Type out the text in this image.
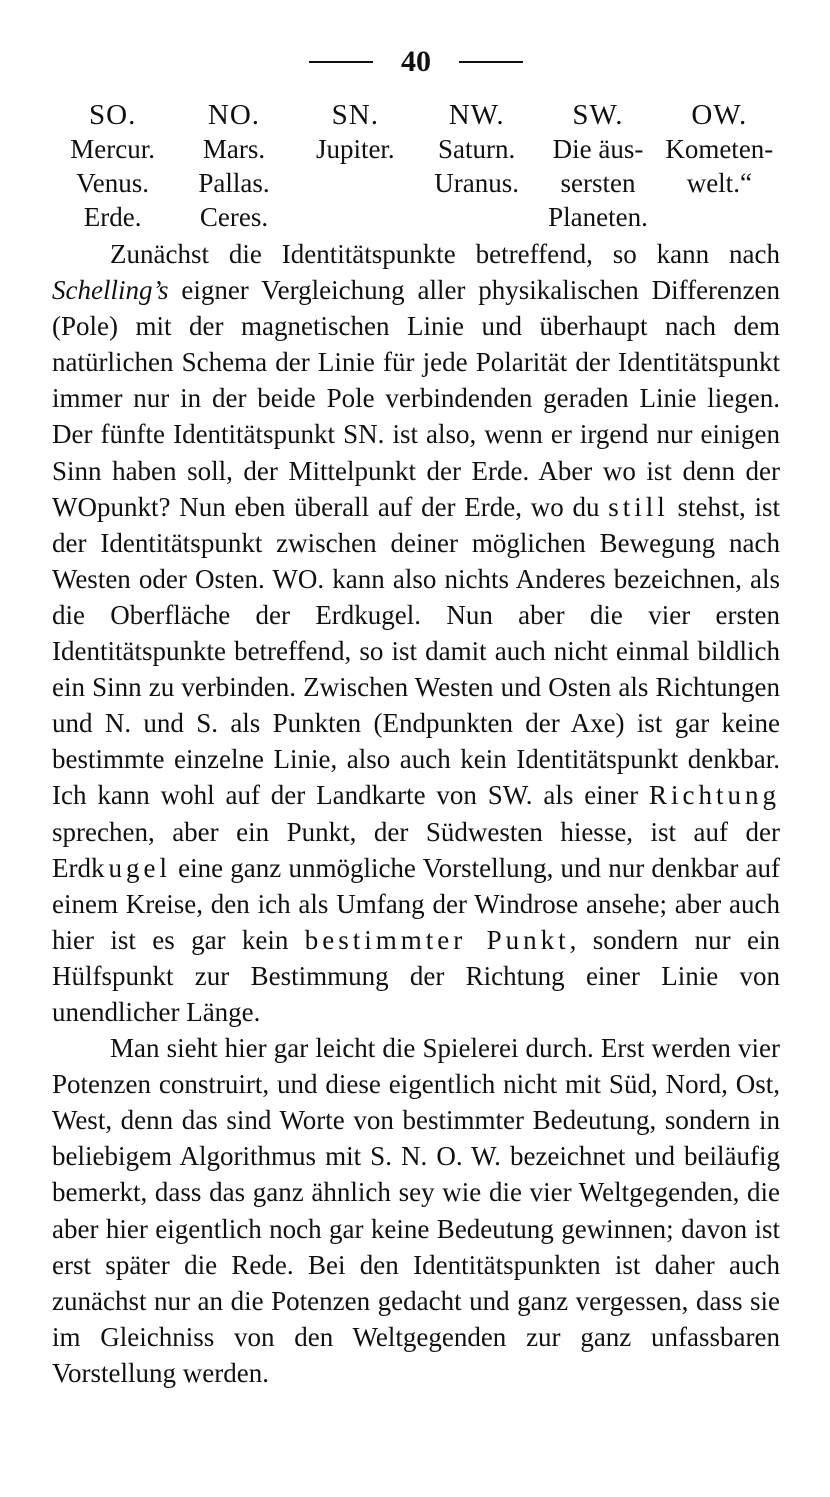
40
SO.	NO.	SN.	NW.	SW.	OW.
Mercur.	Mars.	Jupiter.	Saturn.	Die äus-	Kometen-
Venus.	Pallas.		Uranus.	sersten	welt.“
Erde.	Ceres.			Planeten.	

Zunächst die Identitätspunkte betreffend, so kann nach Schelling’s eigner Vergleichung aller physikalischen Differenzen (Pole) mit der magnetischen Linie und überhaupt nach dem natürlichen Schema der Linie für jede Polarität der Identitätspunkt immer nur in der beide Pole verbindenden geraden Linie liegen. Der fünfte Identitätspunkt SN. ist also, wenn er irgend nur einigen Sinn haben soll, der Mittelpunkt der Erde. Aber wo ist denn der WOpunkt? Nun eben überall auf der Erde, wo du still stehst, ist der Identitätspunkt zwischen deiner möglichen Bewegung nach Westen oder Osten. WO. kann also nichts Anderes bezeichnen, als die Oberfläche der Erdkugel. Nun aber die vier ersten Identitätspunkte betreffend, so ist damit auch nicht einmal bildlich ein Sinn zu verbinden. Zwischen Westen und Osten als Richtungen und N. und S. als Punkten (Endpunkten der Axe) ist gar keine bestimmte einzelne Linie, also auch kein Identitätspunkt denkbar. Ich kann wohl auf der Landkarte von SW. als einer Richtung sprechen, aber ein Punkt, der Südwesten hiesse, ist auf der Erdkugel eine ganz unmögliche Vorstellung, und nur denkbar auf einem Kreise, den ich als Umfang der Windrose ansehe; aber auch hier ist es gar kein bestimmter Punkt, sondern nur ein Hülfspunkt zur Bestimmung der Richtung einer Linie von unendlicher Länge.

Man sieht hier gar leicht die Spielerei durch. Erst werden vier Potenzen construirt, und diese eigentlich nicht mit Süd, Nord, Ost, West, denn das sind Worte von bestimmter Bedeutung, sondern in beliebigem Algorithmus mit S. N. O. W. bezeichnet und beiläufig bemerkt, dass das ganz ähnlich sey wie die vier Weltgegenden, die aber hier eigentlich noch gar keine Bedeutung gewinnen; davon ist erst später die Rede. Bei den Identitätspunkten ist daher auch zunächst nur an die Potenzen gedacht und ganz vergessen, dass sie im Gleichniss von den Weltgegenden zur ganz unfassbaren Vorstellung werden.
